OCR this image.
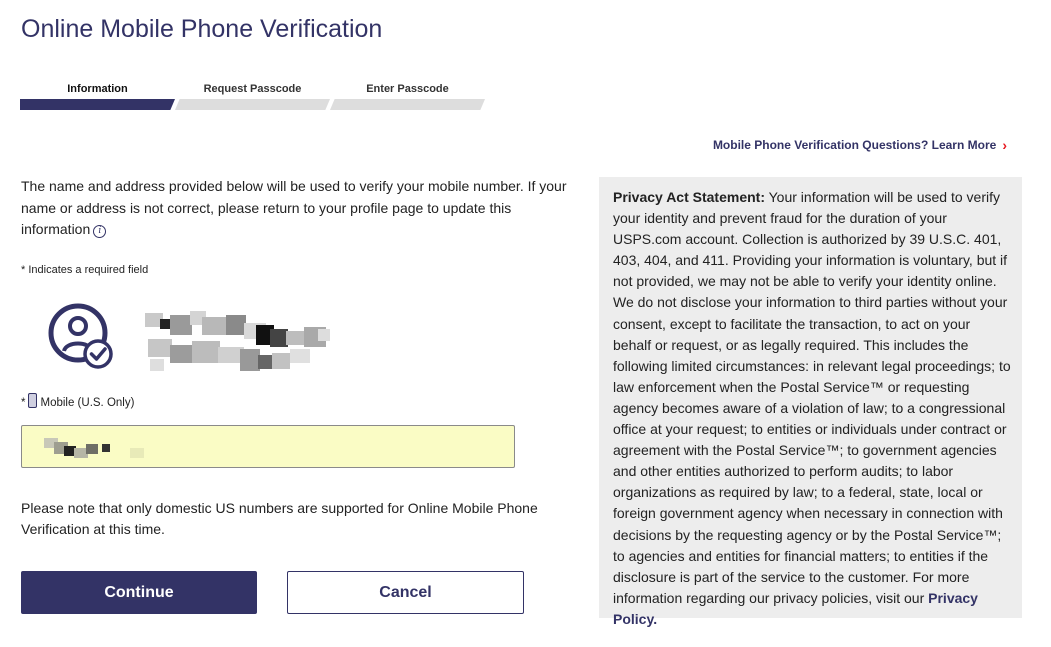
Online Mobile Phone Verification
Information	Request Passcode	Enter Passcode
Mobile Phone Verification Questions? Learn More ›
The name and address provided below will be used to verify your mobile number. If your name or address is not correct, please return to your profile page to update this information i
* Indicates a required field
* Mobile (U.S. Only)
Please note that only domestic US numbers are supported for Online Mobile Phone Verification at this time.
Continue	Cancel
Privacy Act Statement: Your information will be used to verify your identity and prevent fraud for the duration of your USPS.com account. Collection is authorized by 39 U.S.C. 401, 403, 404, and 411. Providing your information is voluntary, but if not provided, we may not be able to verify your identity online. We do not disclose your information to third parties without your consent, except to facilitate the transaction, to act on your behalf or request, or as legally required. This includes the following limited circumstances: in relevant legal proceedings; to law enforcement when the Postal Service™ or requesting agency becomes aware of a violation of law; to a congressional office at your request; to entities or individuals under contract or agreement with the Postal Service™; to government agencies and other entities authorized to perform audits; to labor organizations as required by law; to a federal, state, local or foreign government agency when necessary in connection with decisions by the requesting agency or by the Postal Service™; to agencies and entities for financial matters; to entities if the disclosure is part of the service to the customer. For more information regarding our privacy policies, visit our Privacy Policy.
